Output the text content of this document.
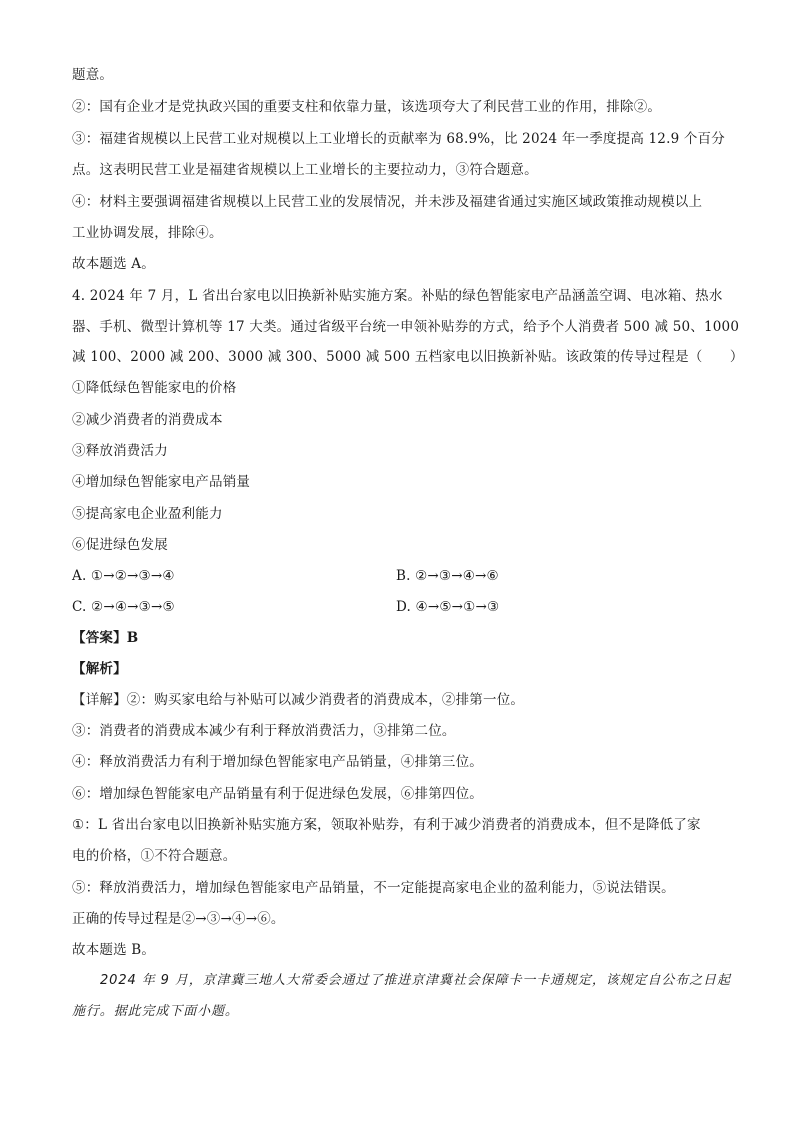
题意。
②：国有企业才是党执政兴国的重要支柱和依靠力量，该选项夸大了利民营工业的作用，排除②。
③：福建省规模以上民营工业对规模以上工业增长的贡献率为 68.9%，比 2024 年一季度提高 12.9 个百分
点。这表明民营工业是福建省规模以上工业增长的主要拉动力，③符合题意。
④：材料主要强调福建省规模以上民营工业的发展情况，并未涉及福建省通过实施区域政策推动规模以上
工业协调发展，排除④。
故本题选 A。
4. 2024 年 7 月，L 省出台家电以旧换新补贴实施方案。补贴的绿色智能家电产品涵盖空调、电冰箱、热水
器、手机、微型计算机等 17 大类。通过省级平台统一申领补贴券的方式，给予个人消费者 500 减 50、1000
减 100、2000 减 200、3000 减 300、5000 减 500 五档家电以旧换新补贴。该政策的传导过程是（　　）
①降低绿色智能家电的价格
②减少消费者的消费成本
③释放消费活力
④增加绿色智能家电产品销量
⑤提高家电企业盈利能力
⑥促进绿色发展
A. ①→②→③→④	B. ②→③→④→⑥
C. ②→④→③→⑤	D. ④→⑤→①→③
【答案】B
【解析】
【详解】②：购买家电给与补贴可以减少消费者的消费成本，②排第一位。
③：消费者的消费成本减少有利于释放消费活力，③排第二位。
④：释放消费活力有利于增加绿色智能家电产品销量，④排第三位。
⑥：增加绿色智能家电产品销量有利于促进绿色发展，⑥排第四位。
①：L 省出台家电以旧换新补贴实施方案，领取补贴券，有利于减少消费者的消费成本，但不是降低了家
电的价格，①不符合题意。
⑤：释放消费活力，增加绿色智能家电产品销量，不一定能提高家电企业的盈利能力，⑤说法错误。
正确的传导过程是②→③→④→⑥。
故本题选 B。
2024 年 9 月，京津冀三地人大常委会通过了推进京津冀社会保障卡一卡通规定，该规定自公布之日起
施行。据此完成下面小题。
